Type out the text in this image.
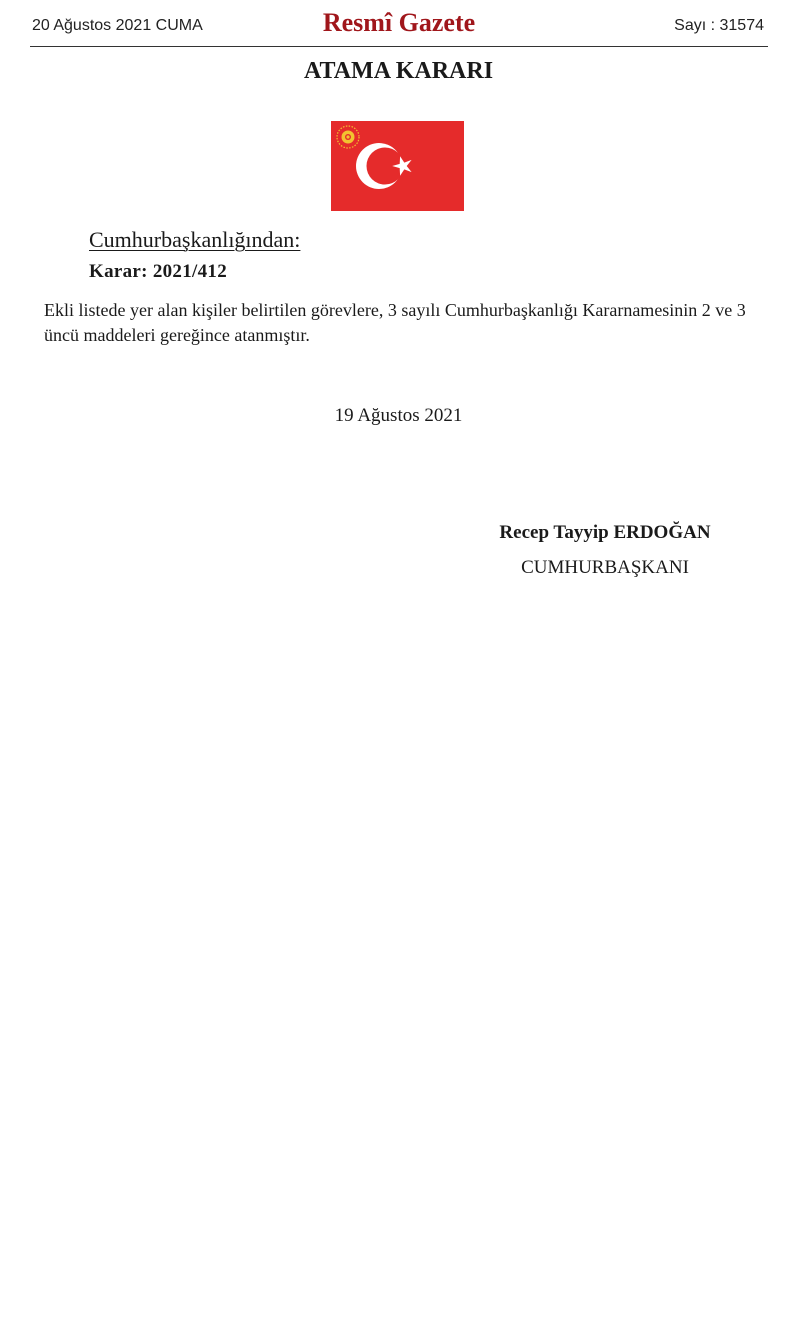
20 Ağustos 2021 CUMA	Resmî Gazete	Sayı : 31574
ATAMA KARARI
Cumhurbaşkanlığından:
Karar: 2021/412
Ekli listede yer alan kişiler belirtilen görevlere, 3 sayılı Cumhurbaşkanlığı Kararnamesinin 2 ve 3 üncü maddeleri gereğince atanmıştır.
19 Ağustos 2021
Recep Tayyip ERDOĞAN
CUMHURBAŞKANI
